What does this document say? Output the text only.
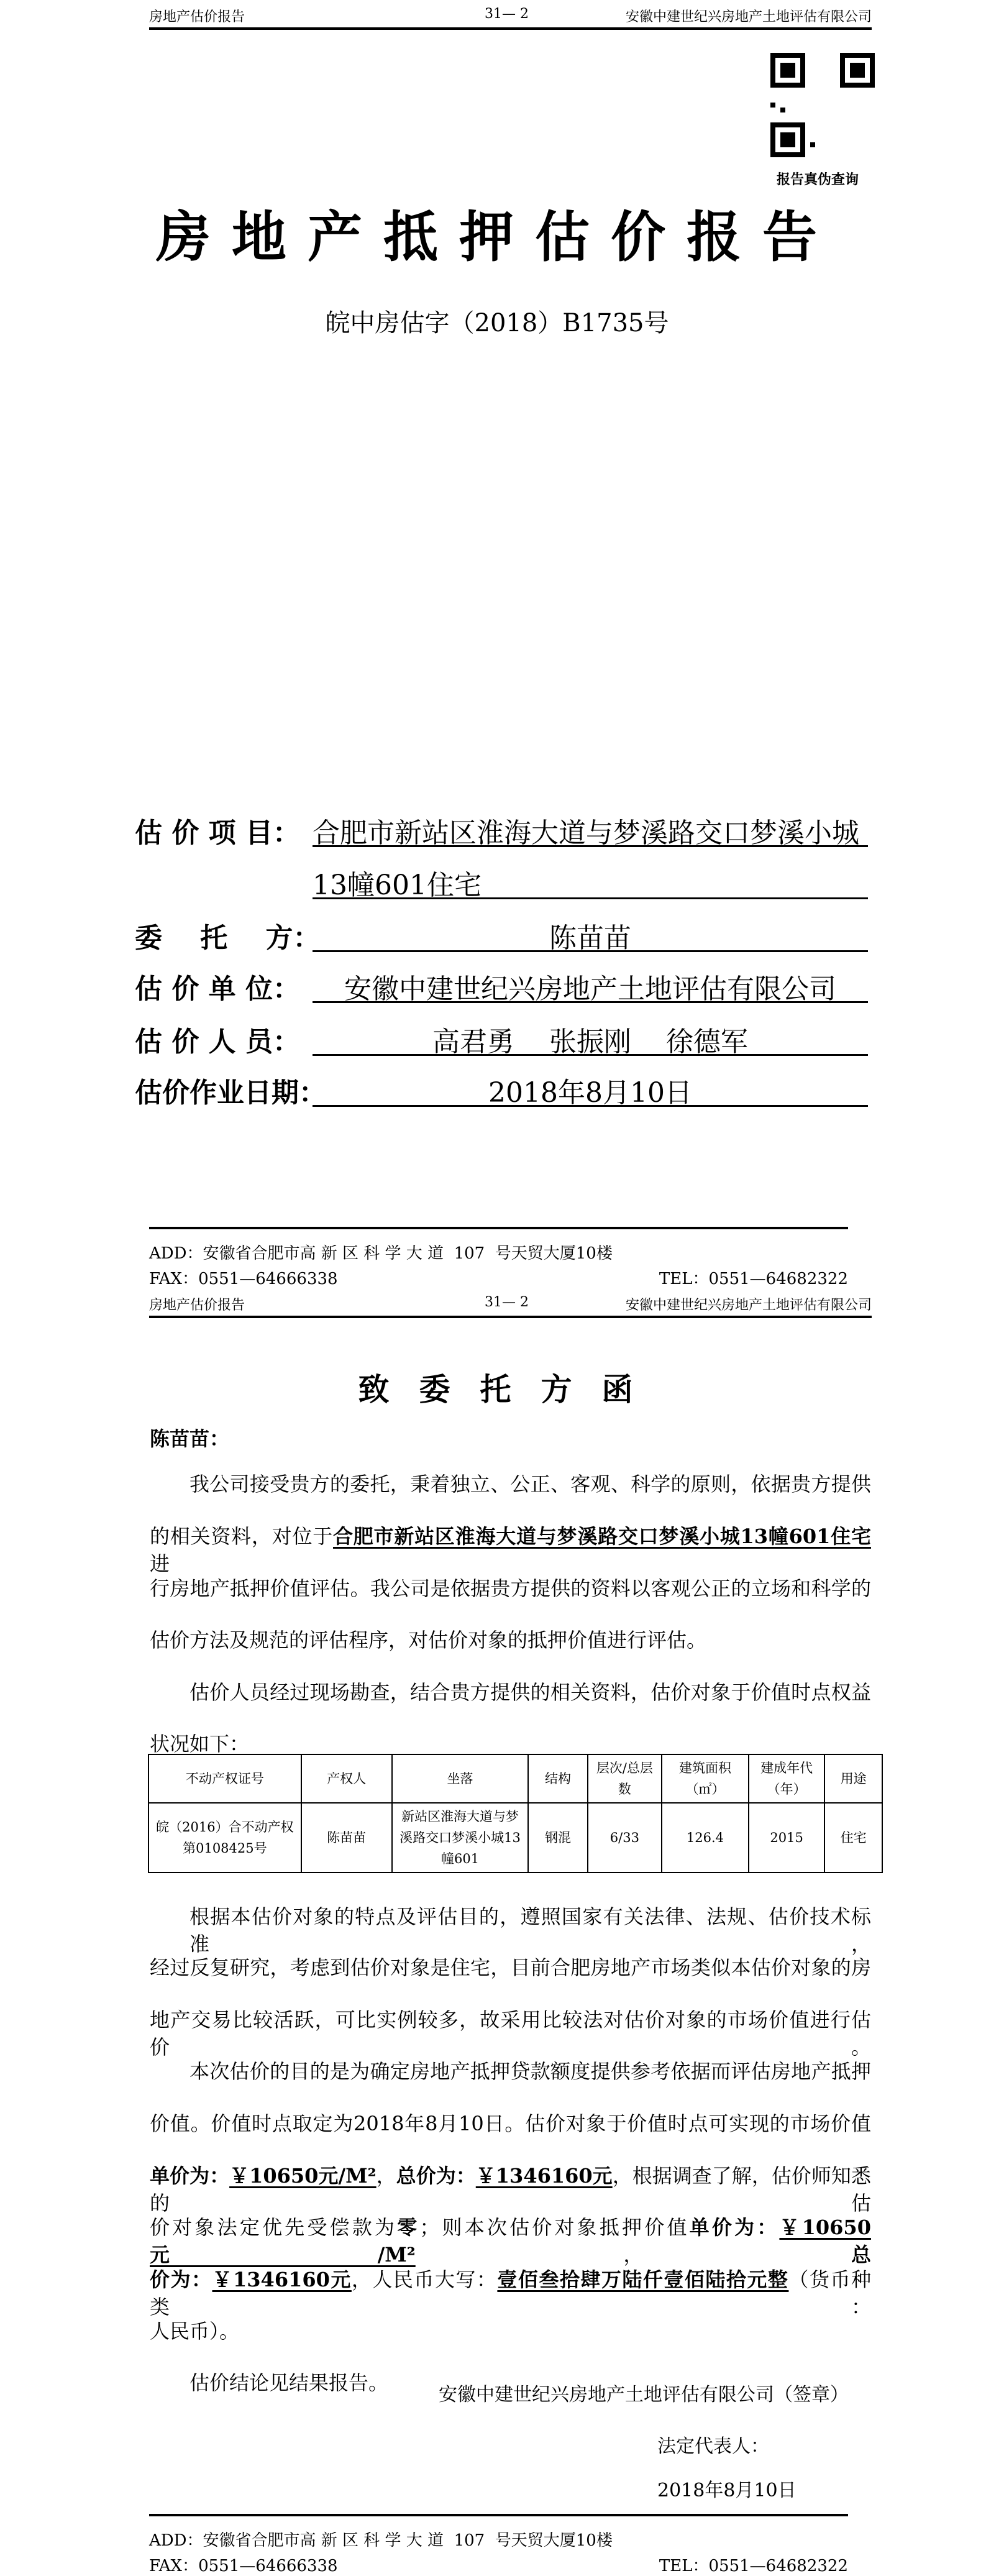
房地产估价报告	31— 2	安徽中建世纪兴房地产土地评估有限公司
报告真伪查询
房地产抵押估价报告
皖中房估字（2018）B1735号
估 价 项 目： 合肥市新站区淮海大道与梦溪路交口梦溪小城
13幢601住宅
委    托    方：	陈苗苗
估 价 单 位：	安徽中建世纪兴房地产土地评估有限公司
估 价 人 员：	高君勇    张振刚    徐德军
估价作业日期：	2018年8月10日
ADD：安徽省合肥市高 新 区 科 学 大 道  107  号天贸大厦10楼
FAX：0551—64666338	TEL：0551—64682322
房地产估价报告	31— 2	安徽中建世纪兴房地产土地评估有限公司
致委托方函
陈苗苗：
我公司接受贵方的委托，秉着独立、公正、客观、科学的原则，依据贵方提供
的相关资料，对位于合肥市新站区淮海大道与梦溪路交口梦溪小城13幢601住宅进
行房地产抵押价值评估。我公司是依据贵方提供的资料以客观公正的立场和科学的
估价方法及规范的评估程序，对估价对象的抵押价值进行评估。
估价人员经过现场勘查，结合贵方提供的相关资料，估价对象于价值时点权益
状况如下：
不动产权证号	产权人	坐落	结构	层次/总层数	建筑面积（㎡）	建成年代（年）	用途
皖（2016）合不动产权第0108425号	陈苗苗	新站区淮海大道与梦溪路交口梦溪小城13幢601	钢混	6/33	126.4	2015	住宅
根据本估价对象的特点及评估目的，遵照国家有关法律、法规、估价技术标准，
经过反复研究，考虑到估价对象是住宅，目前合肥房地产市场类似本估价对象的房
地产交易比较活跃，可比实例较多，故采用比较法对估价对象的市场价值进行估价。
本次估价的目的是为确定房地产抵押贷款额度提供参考依据而评估房地产抵押
价值。价值时点取定为2018年8月10日。估价对象于价值时点可实现的市场价值
单价为：￥10650元/M²，总价为：￥1346160元，根据调查了解，估价师知悉的估
价对象法定优先受偿款为零；则本次估价对象抵押价值单价为：￥10650元/M²，总
价为：￥1346160元，人民币大写：壹佰叁拾肆万陆仟壹佰陆拾元整（货币种类：
人民币）。
估价结论见结果报告。
安徽中建世纪兴房地产土地评估有限公司（签章）
法定代表人：
2018年8月10日
ADD：安徽省合肥市高 新 区 科 学 大 道  107  号天贸大厦10楼
FAX：0551—64666338	TEL：0551—64682322
